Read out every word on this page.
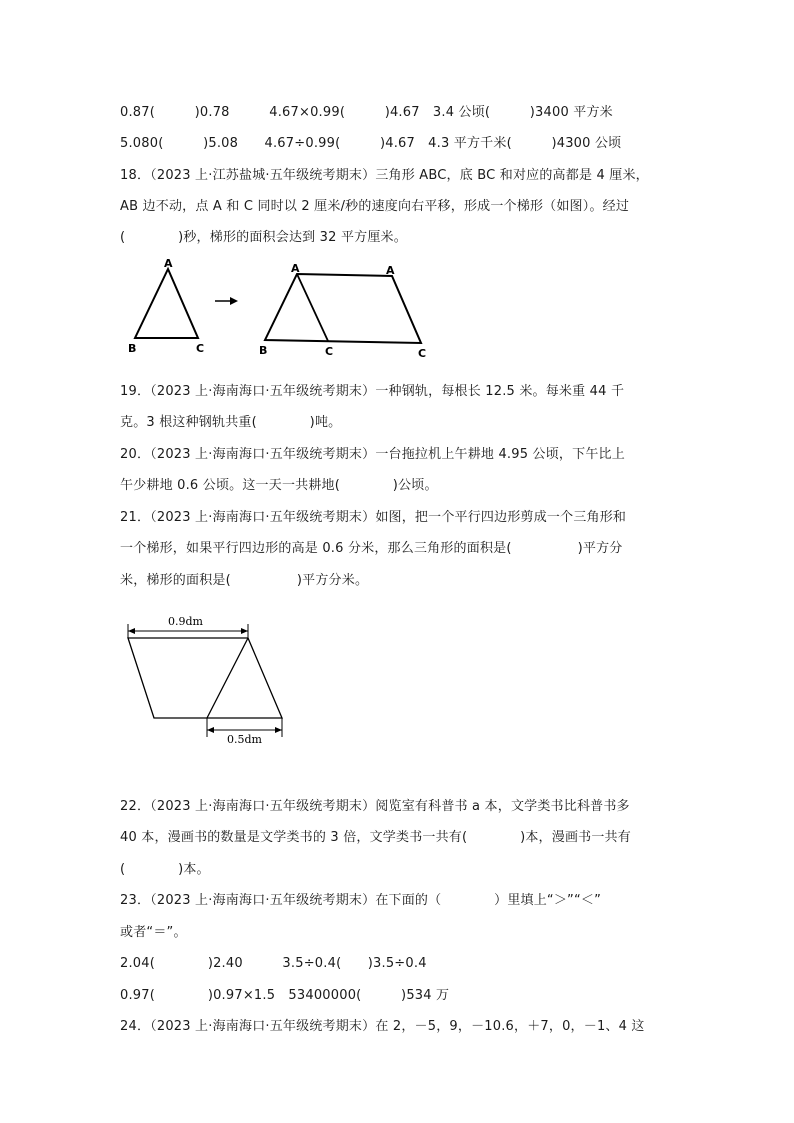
0.87(　　　)0.78　　　4.67×0.99(　　　)4.67　3.4 公顷(　　　)3400 平方米
5.080(　　　)5.08　　4.67÷0.99(　　　)4.67　4.3 平方千米(　　　)4300 公顷
18．（2023 上·江苏盐城·五年级统考期末）三角形 ABC，底 BC 和对应的高都是 4 厘米，
AB 边不动，点 A 和 C 同时以 2 厘米/秒的速度向右平移，形成一个梯形（如图）。经过
(　　　　)秒，梯形的面积会达到 32 平方厘米。
19．（2023 上·海南海口·五年级统考期末）一种钢轨，每根长 12.5 米。每米重 44 千
克。3 根这种钢轨共重(　　　　)吨。
20．（2023 上·海南海口·五年级统考期末）一台拖拉机上午耕地 4.95 公顷，下午比上
午少耕地 0.6 公顷。这一天一共耕地(　　　　)公顷。
21．（2023 上·海南海口·五年级统考期末）如图，把一个平行四边形剪成一个三角形和
一个梯形，如果平行四边形的高是 0.6 分米，那么三角形的面积是(　　　　　)平方分
米，梯形的面积是(　　　　　)平方分米。
22．（2023 上·海南海口·五年级统考期末）阅览室有科普书 a 本，文学类书比科普书多
40 本，漫画书的数量是文学类书的 3 倍，文学类书一共有(　　　　)本，漫画书一共有
(　　　　)本。
23．（2023 上·海南海口·五年级统考期末）在下面的（　　　　）里填上“＞”“＜”
或者“＝”。
2.04(　　　　)2.40　　　3.5÷0.4(　　)3.5÷0.4
0.97(　　　　)0.97×1.5　53400000(　　　)534 万
24．（2023 上·海南海口·五年级统考期末）在 2，－5，9，－10.6，＋7，0，－1、4 这
A
B	C
A	A
B	C	C
0.9dm
0.5dm
